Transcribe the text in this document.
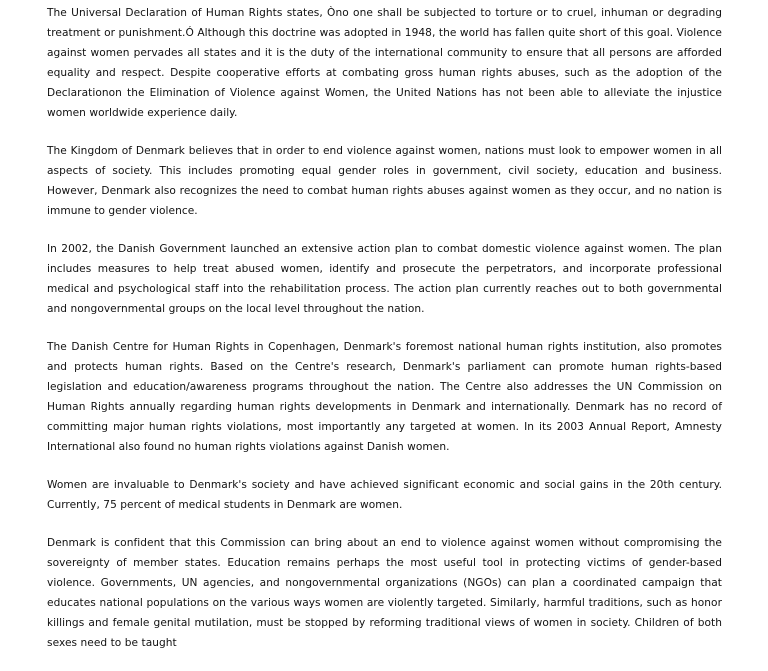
The Universal Declaration of Human Rights states, Òno one shall be subjected to torture or to cruel, inhuman or degrading treatment or punishment.Ó Although this doctrine was adopted in 1948, the world has fallen quite short of this goal. Violence against women pervades all states and it is the duty of the international community to ensure that all persons are afforded equality and respect. Despite cooperative efforts at combating gross human rights abuses, such as the adoption of the Declarationon the Elimination of Violence against Women, the United Nations has not been able to alleviate the injustice women worldwide experience daily.

The Kingdom of Denmark believes that in order to end violence against women, nations must look to empower women in all aspects of society. This includes promoting equal gender roles in government, civil society, education and business. However, Denmark also recognizes the need to combat human rights abuses against women as they occur, and no nation is immune to gender violence.

In 2002, the Danish Government launched an extensive action plan to combat domestic violence against women. The plan includes measures to help treat abused women, identify and prosecute the perpetrators, and incorporate professional medical and psychological staff into the rehabilitation process. The action plan currently reaches out to both governmental and nongovernmental groups on the local level throughout the nation.

The Danish Centre for Human Rights in Copenhagen, Denmark's foremost national human rights institution, also promotes and protects human rights. Based on the Centre's research, Denmark's parliament can promote human rights-based legislation and education/awareness programs throughout the nation. The Centre also addresses the UN Commission on Human Rights annually regarding human rights developments in Denmark and internationally. Denmark has no record of committing major human rights violations, most importantly any targeted at women. In its 2003 Annual Report, Amnesty International also found no human rights violations against Danish women.

Women are invaluable to Denmark's society and have achieved significant economic and social gains in the 20th century. Currently, 75 percent of medical students in Denmark are women.

Denmark is confident that this Commission can bring about an end to violence against women without compromising the sovereignty of member states. Education remains perhaps the most useful tool in protecting victims of gender-based violence. Governments, UN agencies, and nongovernmental organizations (NGOs) can plan a coordinated campaign that educates national populations on the various ways women are violently targeted. Similarly, harmful traditions, such as honor killings and female genital mutilation, must be stopped by reforming traditional views of women in society. Children of both sexes need to be taught
